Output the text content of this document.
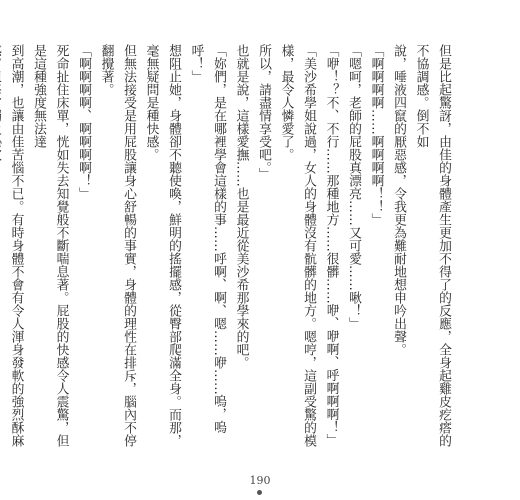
但是比起驚訝，由佳的身體產生更加不得了的反應，全身起雞皮疙瘩的不協調感。倒不如

說，唾液四竄的厭惡感，令我更為難耐地想申吟出聲。

「啊啊啊啊……啊啊啊啊！！」

「嗯呵，老師的屁股真漂亮……又可愛……啾！」

「咿！？不、不行……那種地方……很髒……咿、咿啊、呼啊啊啊！」

「美沙希學姐說過，女人的身體沒有骯髒的地方。嗯哼，這副受驚的模樣，最令人憐愛了。

所以，請盡情享受吧。」

也就是說，這樣愛撫……也是最近從美沙希那學來的吧。

「妳們，是在哪裡學會這樣的事……呼啊、啊、嗯……咿……嗚，嗚呼！」

想阻止她，身體卻不聽使喚，鮮明的搖擺感，從臀部爬滿全身。而那，毫無疑問是種快感。

但無法接受是用屁股讓身心舒暢的事實，身體的理性在排斥，腦內不停翻攪著。

「啊啊啊啊、啊啊啊啊！」

死命扯住床單，恍如失去知覺般不斷喘息著。屁股的快感令人震驚，但是這種強度無法達

到高潮，也讓由佳苦惱不已。有時身體不會有令人渾身發軟的強烈酥麻

190
